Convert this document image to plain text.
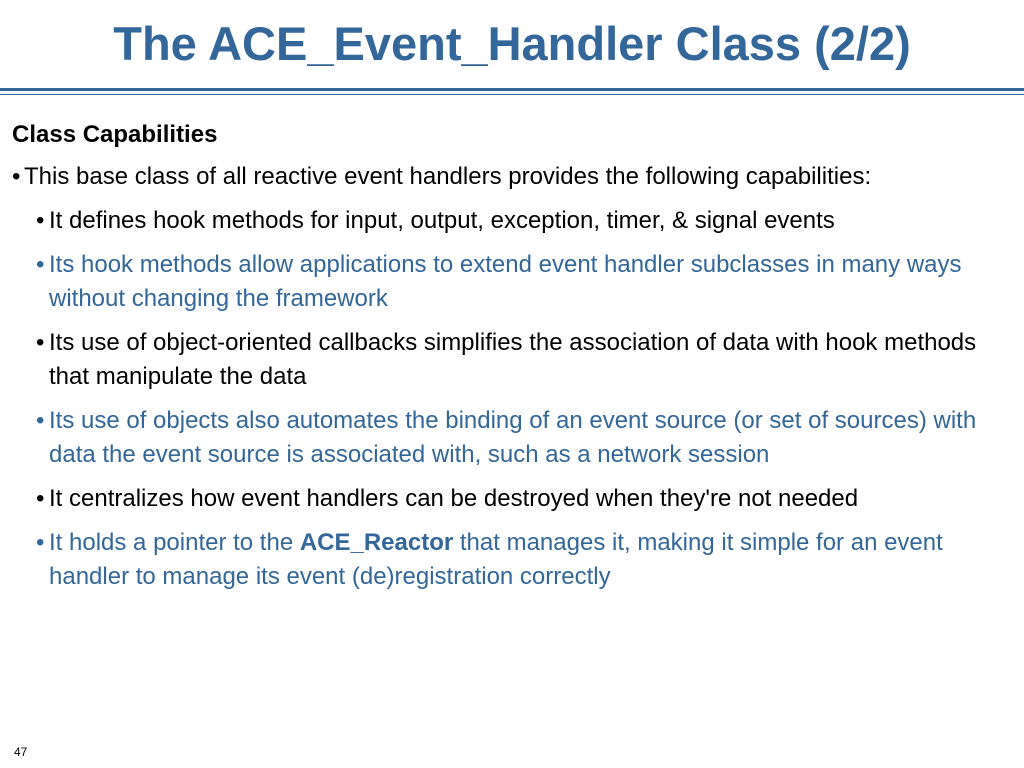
The ACE_Event_Handler Class (2/2)
Class Capabilities
• This base class of all reactive event handlers provides the following capabilities:
• It defines hook methods for input, output, exception, timer, & signal events
• Its hook methods allow applications to extend event handler subclasses in many ways without changing the framework
• Its use of object-oriented callbacks simplifies the association of data with hook methods that manipulate the data
• Its use of objects also automates the binding of an event source (or set of sources) with data the event source is associated with, such as a network session
• It centralizes how event handlers can be destroyed when they're not needed
• It holds a pointer to the ACE_Reactor that manages it, making it simple for an event handler to manage its event (de)registration correctly
47
